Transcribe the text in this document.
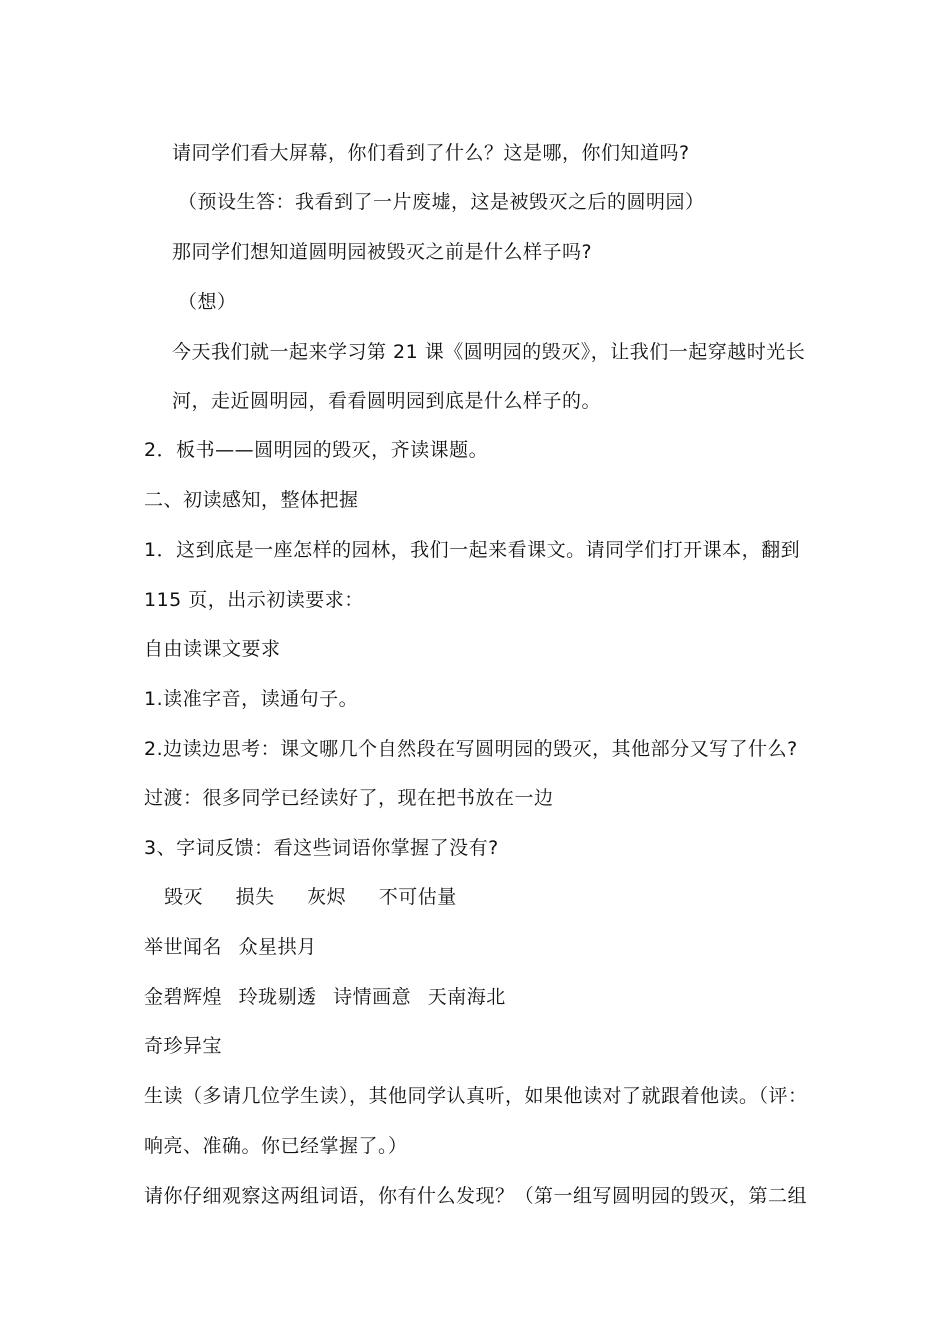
请同学们看大屏幕，你们看到了什么？这是哪，你们知道吗?
（预设生答：我看到了一片废墟，这是被毁灭之后的圆明园）
那同学们想知道圆明园被毁灭之前是什么样子吗?
（想）
今天我们就一起来学习第 21 课《圆明园的毁灭》，让我们一起穿越时光长
河，走近圆明园，看看圆明园到底是什么样子的。
2．板书——圆明园的毁灭，齐读课题。
二、初读感知，整体把握
1．这到底是一座怎样的园林，我们一起来看课文。请同学们打开课本，翻到
115 页，出示初读要求：
自由读课文要求
1.读准字音，读通句子。
2.边读边思考：课文哪几个自然段在写圆明园的毁灭，其他部分又写了什么?
过渡：很多同学已经读好了，现在把书放在一边
3、字词反馈：看这些词语你掌握了没有?
毁灭 损失 灰烬 不可估量
举世闻名 众星拱月
金碧辉煌 玲珑剔透 诗情画意 天南海北
奇珍异宝
生读（多请几位学生读），其他同学认真听，如果他读对了就跟着他读。（评：
响亮、准确。你已经掌握了。）
请你仔细观察这两组词语，你有什么发现？（第一组写圆明园的毁灭，第二组
